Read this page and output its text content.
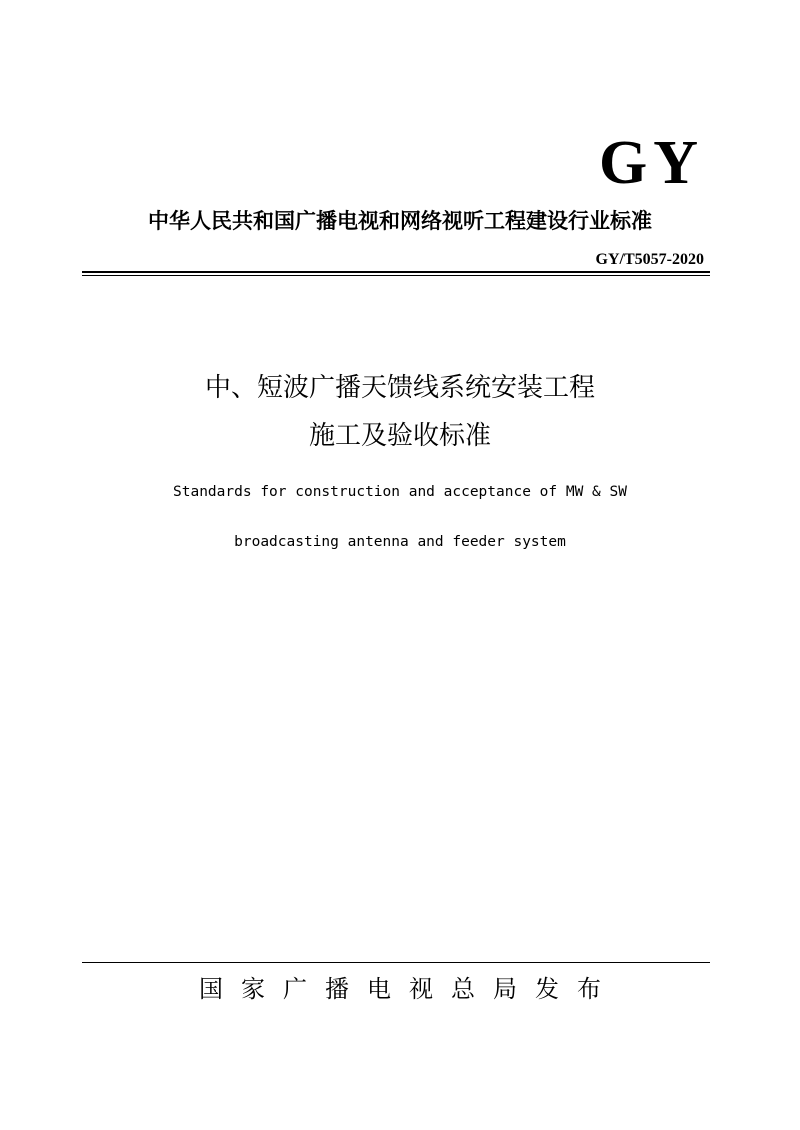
GY
中华人民共和国广播电视和网络视听工程建设行业标准
GY/T5057-2020
中、短波广播天馈线系统安装工程
施工及验收标准
Standards for construction and acceptance of MW & SW
broadcasting antenna and feeder system
国家广播电视总局发布
